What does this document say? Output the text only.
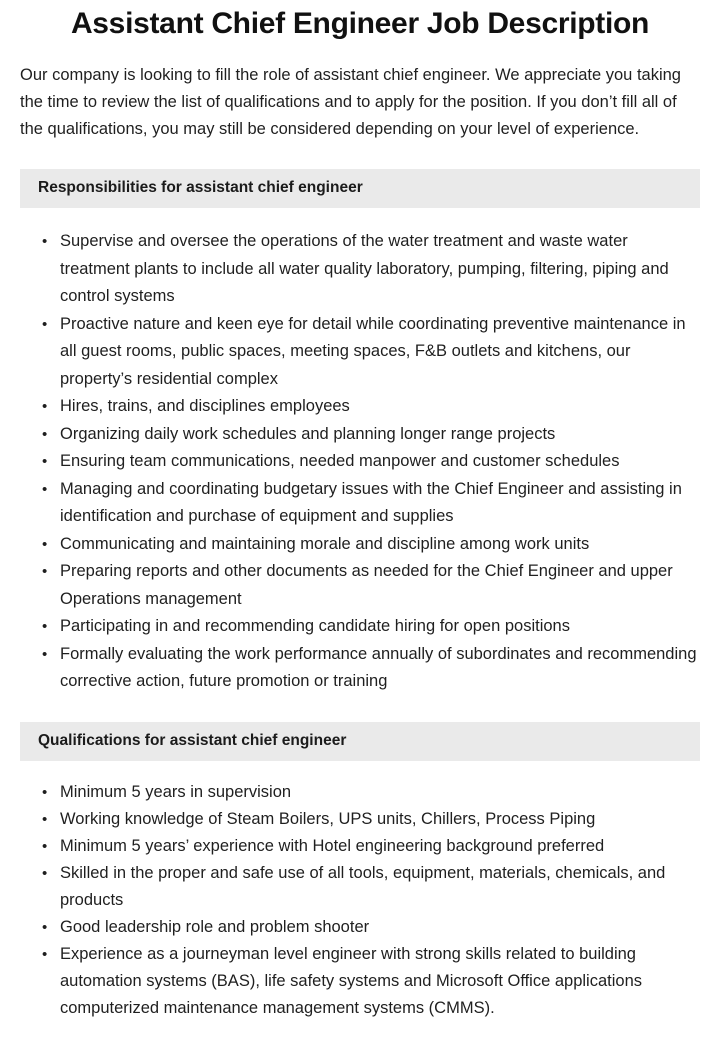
Assistant Chief Engineer Job Description

Our company is looking to fill the role of assistant chief engineer. We appreciate you taking the time to review the list of qualifications and to apply for the position. If you don’t fill all of the qualifications, you may still be considered depending on your level of experience.

Responsibilities for assistant chief engineer
• Supervise and oversee the operations of the water treatment and waste water treatment plants to include all water quality laboratory, pumping, filtering, piping and control systems
• Proactive nature and keen eye for detail while coordinating preventive maintenance in all guest rooms, public spaces, meeting spaces, F&B outlets and kitchens, our property’s residential complex
• Hires, trains, and disciplines employees
• Organizing daily work schedules and planning longer range projects
• Ensuring team communications, needed manpower and customer schedules
• Managing and coordinating budgetary issues with the Chief Engineer and assisting in identification and purchase of equipment and supplies
• Communicating and maintaining morale and discipline among work units
• Preparing reports and other documents as needed for the Chief Engineer and upper Operations management
• Participating in and recommending candidate hiring for open positions
• Formally evaluating the work performance annually of subordinates and recommending corrective action, future promotion or training
Qualifications for assistant chief engineer
• Minimum 5 years in supervision
• Working knowledge of Steam Boilers, UPS units, Chillers, Process Piping
• Minimum 5 years’ experience with Hotel engineering background preferred
• Skilled in the proper and safe use of all tools, equipment, materials, chemicals, and products
• Good leadership role and problem shooter
• Experience as a journeyman level engineer with strong skills related to building automation systems (BAS), life safety systems and Microsoft Office applications computerized maintenance management systems (CMMS).
